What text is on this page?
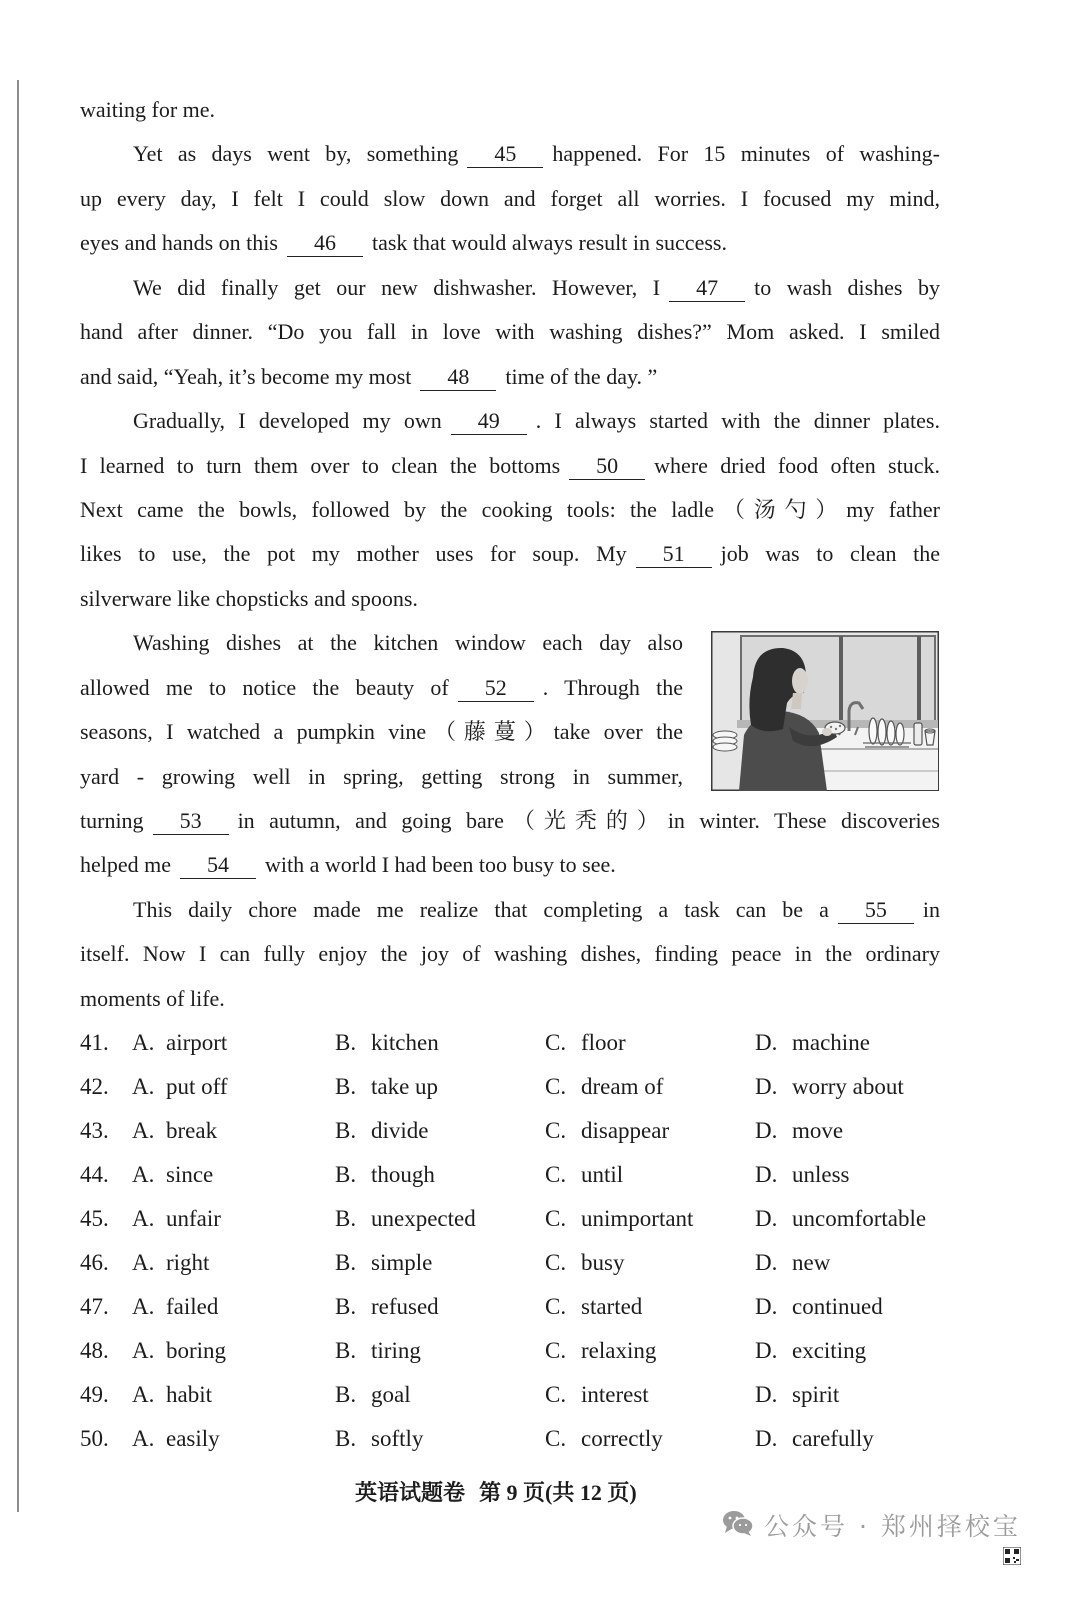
waiting for me.
Yet as days went by, something 45 happened. For 15 minutes of washing-
up every day, I felt I could slow down and forget all worries. I focused my mind,
eyes and hands on this 46 task that would always result in success.
We did finally get our new dishwasher. However, I 47 to wash dishes by
hand after dinner. “Do you fall in love with washing dishes?” Mom asked. I smiled
and said, “Yeah, it’s become my most 48 time of the day. ”
Gradually, I developed my own 49 . I always started with the dinner plates.
I learned to turn them over to clean the bottoms 50 where dried food often stuck.
Next came the bowls, followed by the cooking tools: the ladle（汤勺）my father
likes to use, the pot my mother uses for soup. My 51 job was to clean the
silverware like chopsticks and spoons.
Washing dishes at the kitchen window each day also
allowed me to notice the beauty of 52 . Through the
seasons, I watched a pumpkin vine（藤蔓）take over the
yard - growing well in spring, getting strong in summer,
turning 53 in autumn, and going bare（光秃的）in winter. These discoveries
helped me 54 with a world I had been too busy to see.
This daily chore made me realize that completing a task can be a 55 in
itself. Now I can fully enjoy the joy of washing dishes, finding peace in the ordinary
moments of life.
41. A. airport	B. kitchen	C. floor	D. machine
42. A. put off	B. take up	C. dream of	D. worry about
43. A. break	B. divide	C. disappear	D. move
44. A. since	B. though	C. until	D. unless
45. A. unfair	B. unexpected	C. unimportant	D. uncomfortable
46. A. right	B. simple	C. busy	D. new
47. A. failed	B. refused	C. started	D. continued
48. A. boring	B. tiring	C. relaxing	D. exciting
49. A. habit	B. goal	C. interest	D. spirit
50. A. easily	B. softly	C. correctly	D. carefully
英语试题卷 第 9 页(共 12 页)
公众号 · 郑州择校宝
